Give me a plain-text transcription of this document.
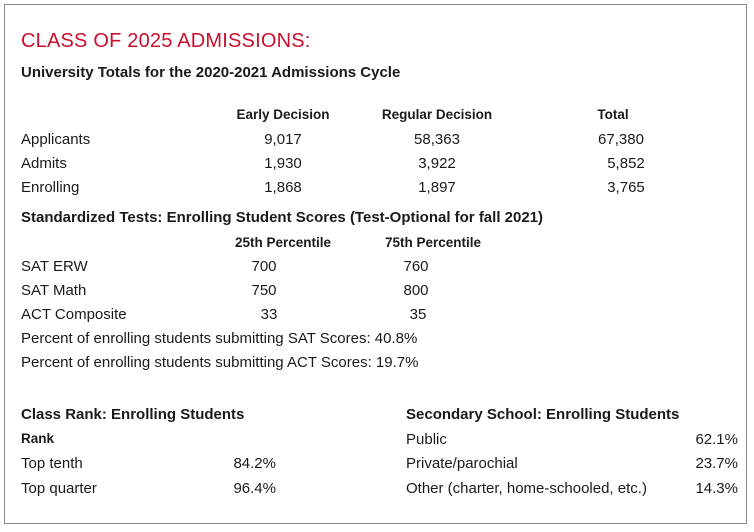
CLASS OF 2025 ADMISSIONS:
University Totals for the 2020-2021 Admissions Cycle
Early Decision	Regular Decision	Total
Applicants	9,017	58,363	67,380
Admits	1,930	3,922	5,852
Enrolling	1,868	1,897	3,765
Standardized Tests: Enrolling Student Scores (Test-Optional for fall 2021)
25th Percentile	75th Percentile
SAT ERW	700	760
SAT Math	750	800
ACT Composite	33	35
Percent of enrolling students submitting SAT Scores: 40.8%
Percent of enrolling students submitting ACT Scores: 19.7%
Class Rank: Enrolling Students
Rank
Top tenth	84.2%
Top quarter	96.4%
Secondary School: Enrolling Students
Public	62.1%
Private/parochial	23.7%
Other (charter, home-schooled, etc.)	14.3%
